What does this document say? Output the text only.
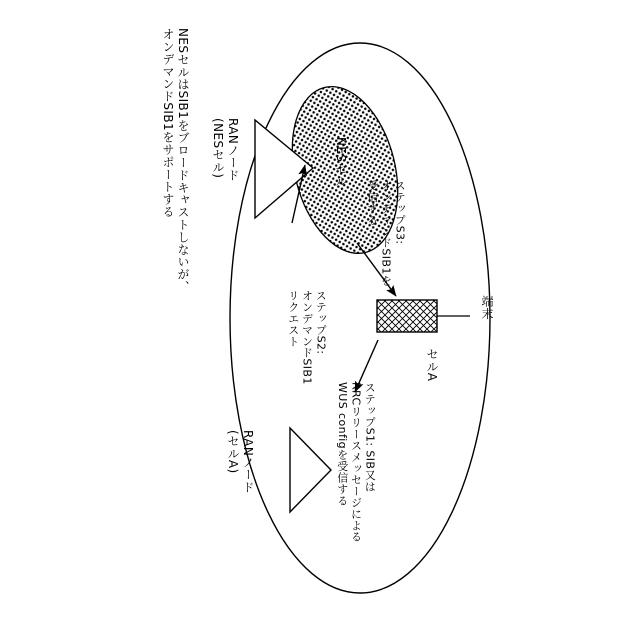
NESセルはSIB1をブロードキャストしないが、
オンデマンドSIB1をサポートする	RANノード
(NESセル)	NESセル
ステップS3:
オンデマンドSIB1を
受信する
ステップS2:
オンデマンドSIB1
リクエスト	端末
セルA
ステップS1: SIB又は
RRCリリースメッセージによる
WUS configを受信する
RANノード
(セルA)
